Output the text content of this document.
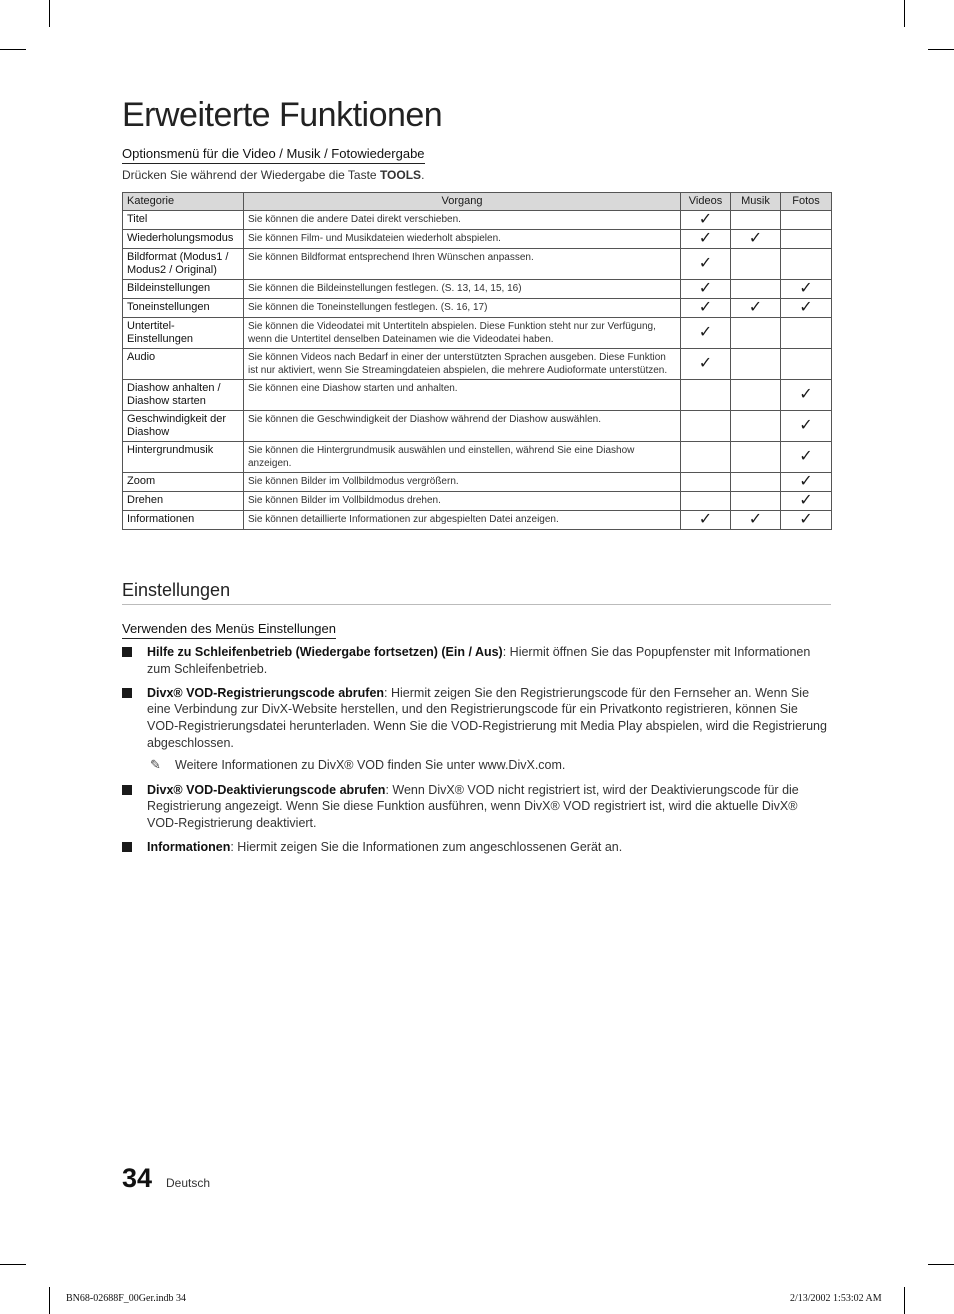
Erweiterte Funktionen
Optionsmenü für die Video / Musik / Fotowiedergabe
Drücken Sie während der Wiedergabe die Taste TOOLS.
Kategorie	Vorgang	Videos	Musik	Fotos
Titel	Sie können die andere Datei direkt verschieben.	✓		
Wiederholungsmodus	Sie können Film- und Musikdateien wiederholt abspielen.	✓	✓	
Bildformat (Modus1 / Modus2 / Original)	Sie können Bildformat entsprechend Ihren Wünschen anpassen.	✓		
Bildeinstellungen	Sie können die Bildeinstellungen festlegen. (S. 13, 14, 15, 16)	✓		✓
Toneinstellungen	Sie können die Toneinstellungen festlegen. (S. 16, 17)	✓	✓	✓
Untertitel-Einstellungen	Sie können die Videodatei mit Untertiteln abspielen. Diese Funktion steht nur zur Verfügung, wenn die Untertitel denselben Dateinamen wie die Videodatei haben.	✓		
Audio	Sie können Videos nach Bedarf in einer der unterstützten Sprachen ausgeben. Diese Funktion ist nur aktiviert, wenn Sie Streamingdateien abspielen, die mehrere Audioformate unterstützen.	✓		
Diashow anhalten / Diashow starten	Sie können eine Diashow starten und anhalten.			✓
Geschwindigkeit der Diashow	Sie können die Geschwindigkeit der Diashow während der Diashow auswählen.			✓
Hintergrundmusik	Sie können die Hintergrundmusik auswählen und einstellen, während Sie eine Diashow anzeigen.			✓
Zoom	Sie können Bilder im Vollbildmodus vergrößern.			✓
Drehen	Sie können Bilder im Vollbildmodus drehen.			✓
Informationen	Sie können detaillierte Informationen zur abgespielten Datei anzeigen.	✓	✓	✓
Einstellungen
Verwenden des Menüs Einstellungen
Hilfe zu Schleifenbetrieb (Wiedergabe fortsetzen) (Ein / Aus): Hiermit öffnen Sie das Popupfenster mit Informationen zum Schleifenbetrieb.
Divx® VOD-Registrierungscode abrufen: Hiermit zeigen Sie den Registrierungscode für den Fernseher an. Wenn Sie eine Verbindung zur DivX-Website herstellen, und den Registrierungscode für ein Privatkonto registrieren, können Sie VOD-Registrierungsdatei herunterladen. Wenn Sie die VOD-Registrierung mit Media Play abspielen, wird die Registrierung abgeschlossen.
✎ Weitere Informationen zu DivX® VOD finden Sie unter www.DivX.com.
Divx® VOD-Deaktivierungscode abrufen: Wenn DivX® VOD nicht registriert ist, wird der Deaktivierungscode für die Registrierung angezeigt. Wenn Sie diese Funktion ausführen, wenn DivX® VOD registriert ist, wird die aktuelle DivX® VOD-Registrierung deaktiviert.
Informationen: Hiermit zeigen Sie die Informationen zum angeschlossenen Gerät an.
34 Deutsch
BN68-02688F_00Ger.indb 34	2/13/2002 1:53:02 AM
